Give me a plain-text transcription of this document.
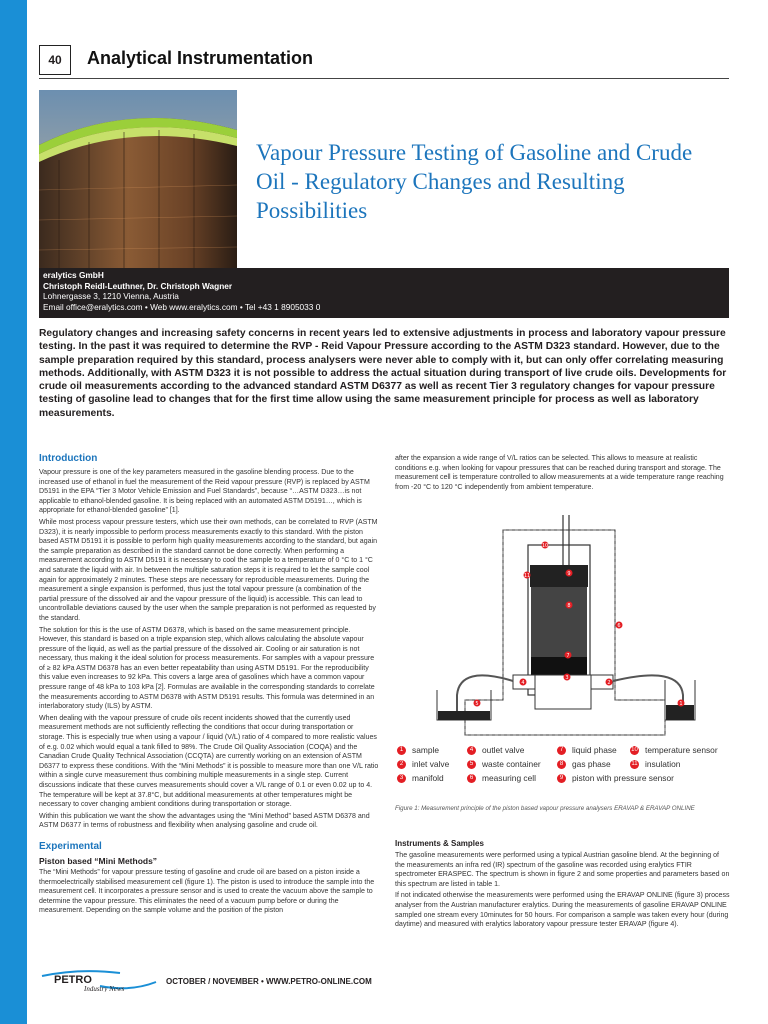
40	Analytical Instrumentation
Vapour Pressure Testing of Gasoline and Crude Oil - Regulatory Changes and Resulting Possibilities
eralytics GmbH
Christoph Reidl-Leuthner, Dr. Christoph Wagner
Lohnergasse 3, 1210 Vienna, Austria
Email office@eralytics.com • Web www.eralytics.com • Tel +43 1 8905033 0
Regulatory changes and increasing safety concerns in recent years led to extensive adjustments in process and laboratory vapour pressure testing. In the past it was required to determine the RVP - Reid Vapour Pressure according to the ASTM D323 standard. However, due to the sample preparation required by this standard, process analysers were never able to comply with it, but can only offer correlating measuring methods. Additionally, with ASTM D323 it is not possible to address the actual situation during transport of live crude oils. Developments for crude oil measurements according to the advanced standard ASTM D6377 as well as recent Tier 3 regulatory changes for vapour pressure testing of gasoline lead to changes that for the first time allow using the same measurement principle for process as well as laboratory measurements.
Introduction

Vapour pressure is one of the key parameters measured in the gasoline blending process. Due to the increased use of ethanol in fuel the measurement of the Reid vapour pressure (RVP) is replaced by ASTM D5191 in the EPA “Tier 3 Motor Vehicle Emission and Fuel Standards”, because “…ASTM D323…is not applicable to ethanol-blended gasoline. It is being replaced with an automated ASTM D5191…, which is appropriate for ethanol-blended gasoline” [1].

While most process vapour pressure testers, which use their own methods, can be correlated to RVP (ASTM D323), it is nearly impossible to perform process measurements exactly to this standard. With the piston based ASTM D5191 it is possible to perform high quality measurements according to the standard, but again the sample preparation as described in the standard cannot be done correctly. When performing a measurement according to ASTM D5191 it is necessary to cool the sample to a temperature of 0 °C to 1 °C and saturate the liquid with air. In between the multiple saturation steps it is required to let the sample cool again for approximately 2 minutes. These steps are necessary for reproducible measurements. During the measurement a single expansion is performed, thus just the total vapour pressure (a combination of the partial pressure of the dissolved air and the vapour pressure of the liquid) is accessible. This can lead to uncontrollable deviations caused by the user when the sample preparation is not performed as requested by the standard.

The solution for this is the use of ASTM D6378, which is based on the same measurement principle. However, this standard is based on a triple expansion step, which allows calculating the absolute vapour pressure of the liquid, as well as the partial pressure of the dissolved air. Cooling or air saturation is not necessary, thus making it the ideal solution for process measurements. For samples with a vapour pressure of ≥ 82 kPa ASTM D6378 has an even better repeatability than using ASTM D5191. For the reproducibility this value even increases to 92 kPa. This covers a large area of gasolines which have a common vapour pressure range of 48 kPa to 103 kPa [2]. Formulas are available in the corresponding standards to correlate the measurements according to ASTM D6378 with ASTM D5191 results. This formula was determined in an interlaboratory study (ILS) by ASTM.

When dealing with the vapour pressure of crude oils recent incidents showed that the currently used measurement methods are not sufficiently reflecting the conditions that occur during transportation or storage. This is especially true when using a vapour / liquid (V/L) ratio of 4 compared to more realistic values of e.g. 0.02 which would equal a tank filled to 98%. The Crude Oil Quality Association (COQA) and the Canadian Crude Quality Technical Association (CCQTA) are currently working on an extension of ASTM D6377 to express these conditions. With the “Mini Methods” it is possible to measure more than one V/L ratio within a single curve measurement thus combining multiple measurements in a single step. Current discussions indicate that these curves measurements should cover a V/L range of 0.1 or even 0.02 up to 4. The temperature will be kept at 37.8°C, but additional measurements at other temperatures might be necessary to cover changing ambient conditions during transportation or storage.

Within this publication we want the show the advantages using the “Mini Method” based ASTM D6378 and ASTM D6377 in terms of robustness and flexibility when analysing gasoline and crude oil.

Experimental
Piston based “Mini Methods”

The “Mini Methods” for vapour pressure testing of gasoline and crude oil are based on a piston inside a thermoelectrically stabilised measurement cell (figure 1). The piston is used to introduce the sample into the measurement cell. It incorporates a pressure sensor and is used to create the vacuum above the sample to determine the vapour pressure. This eliminates the need of a vacuum pump before or during the measurement. Depending on the sample volume and the position of the piston

after the expansion a wide range of V/L ratios can be selected. This allows to measure at realistic conditions e.g. when looking for vapour pressures that can be reached during transport and storage. The measurement cell is temperature controlled to allow measurements at a wide temperature range reaching from -20 °C to 120 °C independently from ambient temperature.

10
11	9
8
6
7
3
4	2
5	1
1	sample
2	inlet valve
3	manifold
4	outlet valve
5	waste container
6	measuring cell
7	liquid phase
8	gas phase
9	piston with pressure sensor
10 temperature sensor
11 insulation
Figure 1: Measurement principle of the piston based vapour pressure analysers ERAVAP & ERAVAP ONLINE
Instruments & Samples

The gasoline measurements were performed using a typical Austrian gasoline blend. At the beginning of the measurements an infra red (IR) spectrum of the gasoline was recorded using eralytics FTIR spectrometer ERASPEC. The spectrum is shown in figure 2 and some properties and parameters based on this spectrum are listed in table 1.

If not indicated otherwise the measurements were performed using the ERAVAP ONLINE (figure 3) process analyser from the Austrian manufacturer eralytics. During the measurements of gasoline ERAVAP ONLINE sampled one stream every 10minutes for 50 hours. For comparison a sample was taken every hour (during daytime) and measured with eralytics laboratory vapour pressure tester ERAVAP (figure 4).

PETRO
Industry News
OCTOBER / NOVEMBER • WWW.PETRO-ONLINE.COM
